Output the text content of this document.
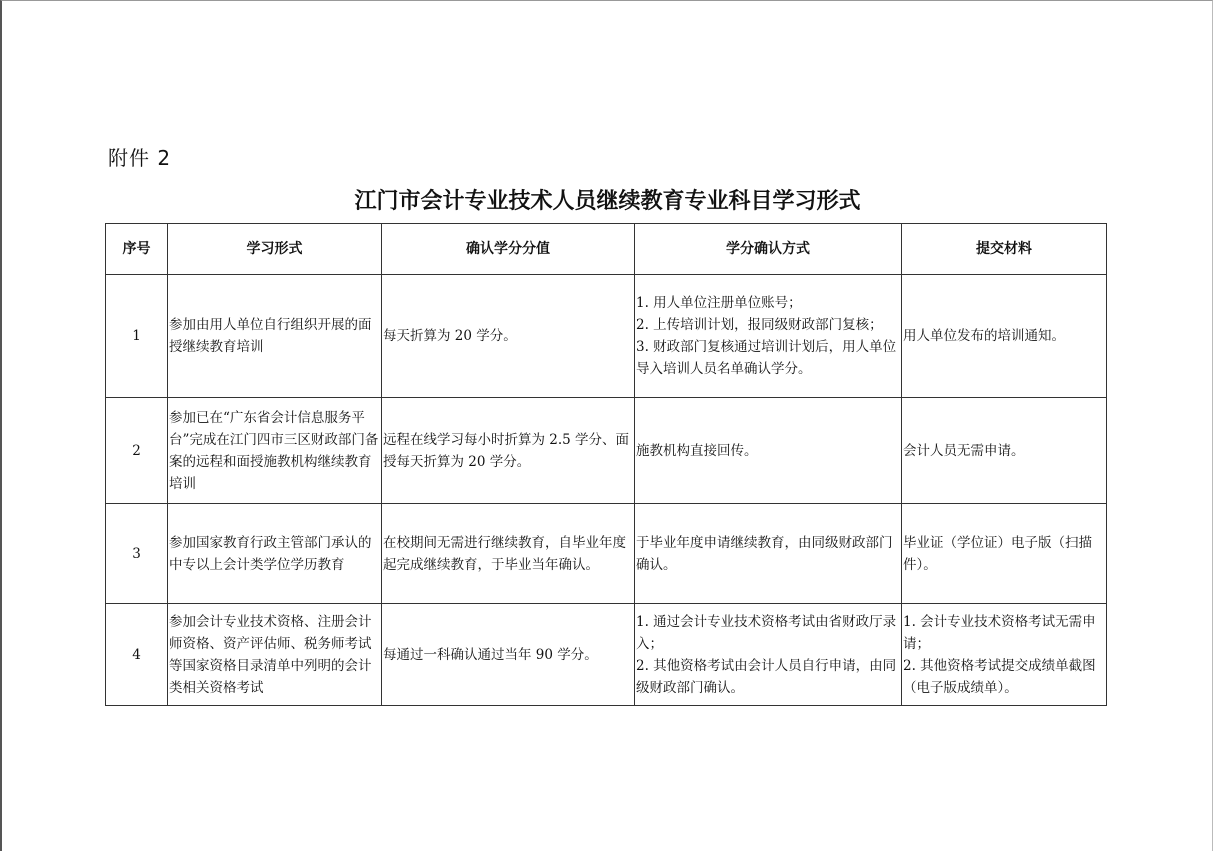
附件 2
江门市会计专业技术人员继续教育专业科目学习形式
序号	学习形式	确认学分分值	学分确认方式	提交材料
1	参加由用人单位自行组织开展的面授继续教育培训	每天折算为 20 学分。	1. 用人单位注册单位账号；
2. 上传培训计划，报同级财政部门复核；
3. 财政部门复核通过培训计划后，用人单位导入培训人员名单确认学分。	用人单位发布的培训通知。

2	参加已在“广东省会计信息服务平台”完成在江门四市三区财政部门备案的远程和面授施教机构继续教育培训	远程在线学习每小时折算为 2.5 学分、面授每天折算为 20 学分。	施教机构直接回传。	会计人员无需申请。

3	参加国家教育行政主管部门承认的中专以上会计类学位学历教育	在校期间无需进行继续教育，自毕业年度起完成继续教育，于毕业当年确认。	于毕业年度申请继续教育，由同级财政部门确认。	毕业证（学位证）电子版（扫描件）。

4	参加会计专业技术资格、注册会计师资格、资产评估师、税务师考试等国家资格目录清单中列明的会计类相关资格考试	每通过一科确认通过当年 90 学分。	1. 通过会计专业技术资格考试由省财政厅录入；
2. 其他资格考试由会计人员自行申请，由同级财政部门确认。	1. 会计专业技术资格考试无需申请；
2. 其他资格考试提交成绩单截图（电子版成绩单）。
